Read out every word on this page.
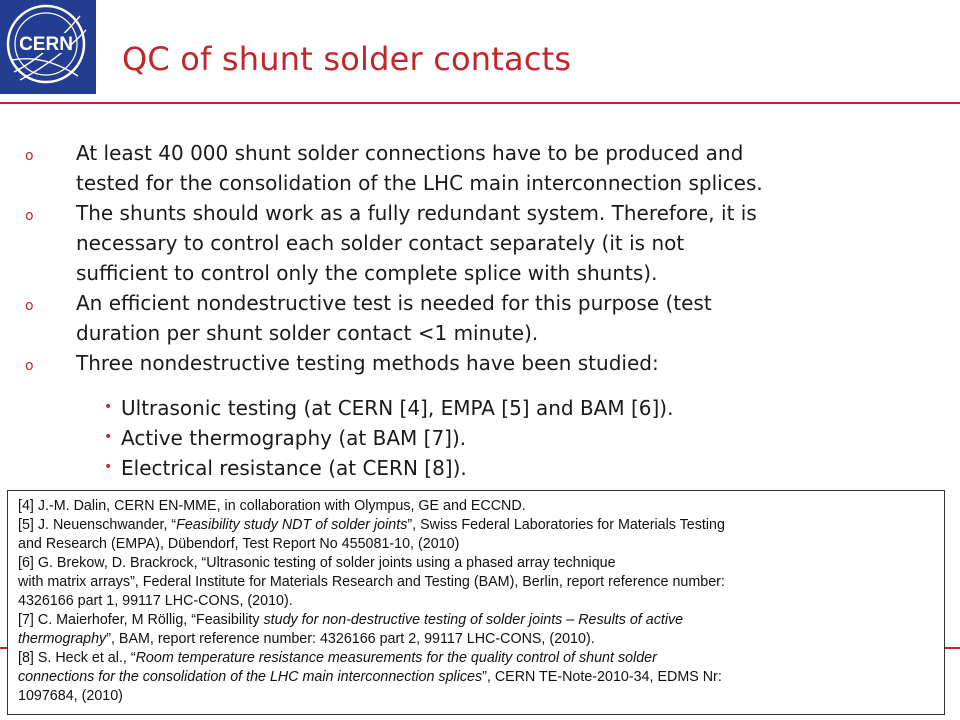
CERN QC of shunt solder contacts
o At least 40 000 shunt solder connections have to be produced and
tested for the consolidation of the LHC main interconnection splices.
o The shunts should work as a fully redundant system. Therefore, it is
necessary to control each solder contact separately (it is not
sufficient to control only the complete splice with shunts).
o An efficient nondestructive test is needed for this purpose (test
duration per shunt solder contact <1 minute).
o Three nondestructive testing methods have been studied:
• Ultrasonic testing (at CERN [4], EMPA [5] and BAM [6]).
• Active thermography (at BAM [7]).
• Electrical resistance (at CERN [8]).
[4] J.-M. Dalin, CERN EN-MME, in collaboration with Olympus, GE and ECCND.
[5] J. Neuenschwander, “Feasibility study NDT of solder joints”, Swiss Federal Laboratories for Materials Testing
and Research (EMPA), Dübendorf, Test Report No 455081-10, (2010)
[6] G. Brekow, D. Brackrock, “Ultrasonic testing of solder joints using a phased array technique
with matrix arrays”, Federal Institute for Materials Research and Testing (BAM), Berlin, report reference number:
4326166 part 1, 99117 LHC-CONS, (2010).
[7] C. Maierhofer, M Röllig, “Feasibility study for non-destructive testing of solder joints – Results of active
thermography”, BAM, report reference number: 4326166 part 2, 99117 LHC-CONS, (2010).
[8] S. Heck et al., “Room temperature resistance measurements for the quality control of shunt solder
connections for the consolidation of the LHC main interconnection splices”, CERN TE-Note-2010-34, EDMS Nr:
1097684, (2010)
